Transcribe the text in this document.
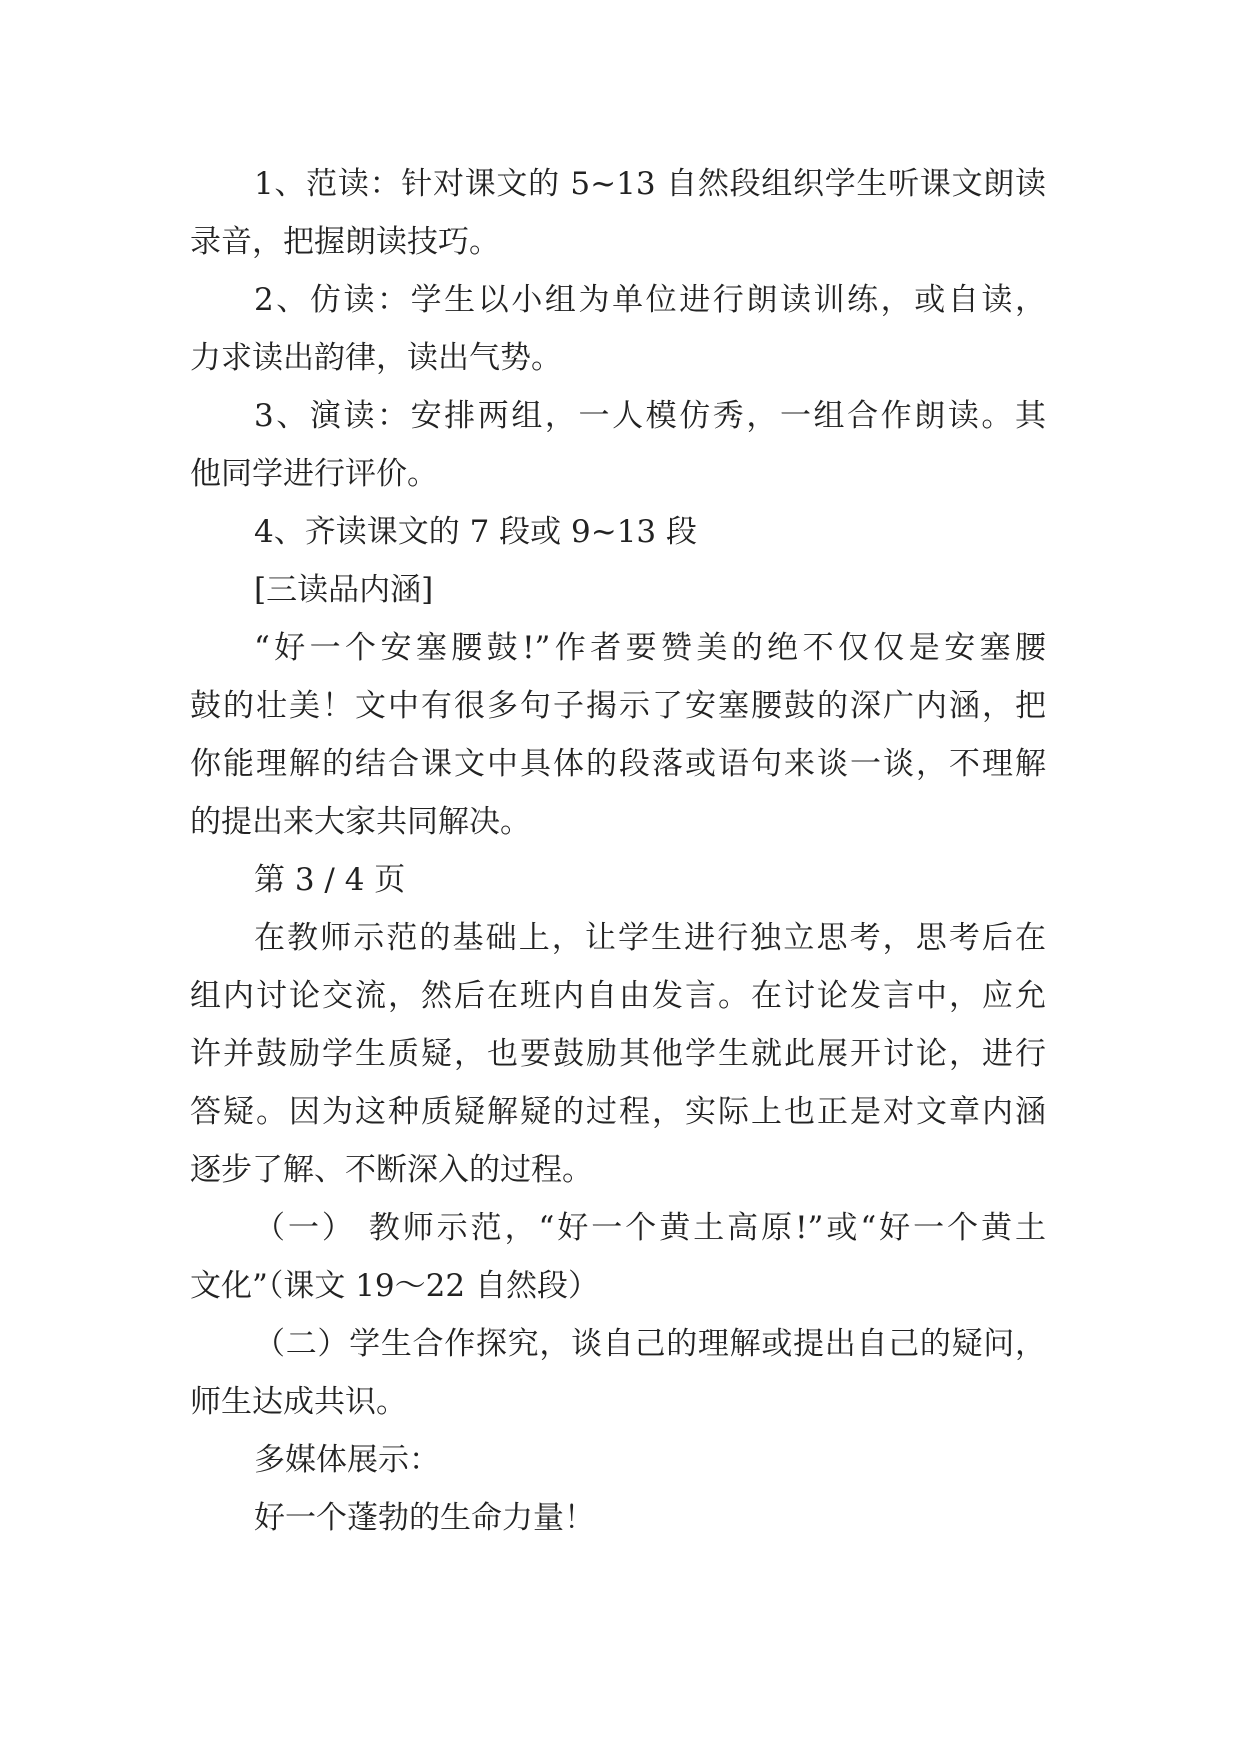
1、范读：针对课文的 5~13 自然段组织学生听课文朗读
录音，把握朗读技巧。
2、仿读：学生以小组为单位进行朗读训练，或自读，
力求读出韵律，读出气势。
3、演读：安排两组，一人模仿秀，一组合作朗读。其
他同学进行评价。
4、齐读课文的 7 段或 9~13 段
[三读品内涵]
“好一个安塞腰鼓!”作者要赞美的绝不仅仅是安塞腰
鼓的壮美！文中有很多句子揭示了安塞腰鼓的深广内涵，把
你能理解的结合课文中具体的段落或语句来谈一谈，不理解
的提出来大家共同解决。
第 3 / 4 页
在教师示范的基础上，让学生进行独立思考，思考后在
组内讨论交流，然后在班内自由发言。在讨论发言中，应允
许并鼓励学生质疑，也要鼓励其他学生就此展开讨论，进行
答疑。因为这种质疑解疑的过程，实际上也正是对文章内涵
逐步了解、不断深入的过程。
（一） 教师示范，“好一个黄土高原!”或“好一个黄土
文化”（课文 19～22 自然段）
（二）学生合作探究，谈自己的理解或提出自己的疑问，
师生达成共识。
多媒体展示：
好一个蓬勃的生命力量！
